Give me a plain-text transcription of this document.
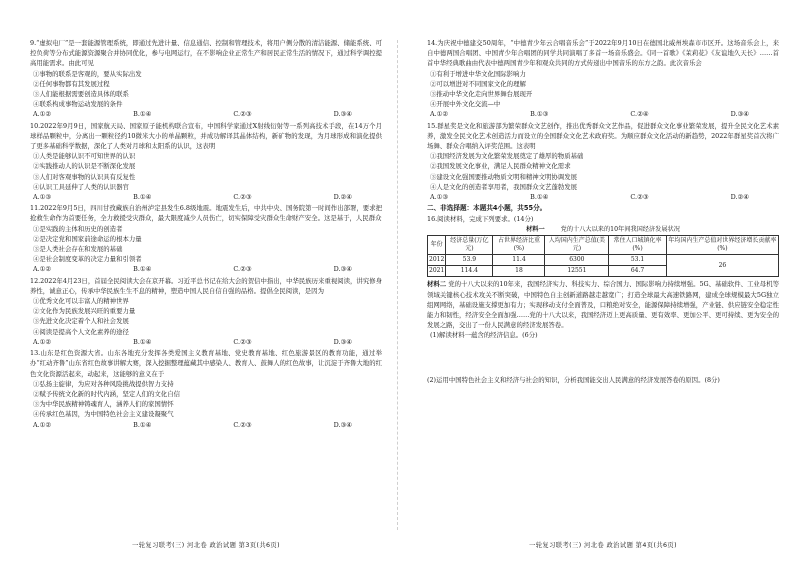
9.“虚拟电厂”是一套能源管理系统，即通过先进计量、信息通信、控制和管理技术，将用户侧分散的清洁能源、储能系统、可控负荷等分布式能源资源聚合并协同优化，参与电网运行，在不影响企业正常生产和居民正常生活的情况下，通过科学调控提高用能需求。由此可见

①事物的联系是客观的，要从实际出发

②任何事物都有其发展过程

③人们能根据需要创造具体的联系

④联系构成事物运动发展的条件

A.①②	B.①④	C.②③	D.③④

10.2022年9月9日，国家航天局、国家原子能机构联合宣布，中国科学家通过X射线衍射等一系列高技术手段，在14万个月球样品颗粒中，分离出一颗粒径约10微米大小的单晶颗粒，并成功解译其晶体结构，新矿物的发现，为月球形成和演化提供了更多基础科学数据，深化了人类对月球和太阳系的认识，这表明

①人类是能够认识不可知世界的认识

②实践推动人的认识是不断深化发展

③人们对客观事物的认识具有反复性

④认识工具延伸了人类的认识器官

A.①③	B.①④	C.②③	D.②④

11.2022年9月5日，四川甘孜藏族自治州泸定县发生6.8级地震。地震发生后，中共中央、国务院第一时间作出部署，要求把抢救生命作为首要任务，全力救援受灾群众，最大限度减少人员伤亡，切实保障受灾群众生命财产安全。这是基于，人民群众

①是实践的主体和历史的创造者

②是决定党和国家前途命运的根本力量

③是人类社会存在和发展的基础

④是社会制度变革的决定力量和引领者

A.①②	B.①④	C.②③	D.③④

12.2022年4月23日，首届全民阅读大会在京开幕。习近平总书记在给大会的贺信中指出，中华民族历来重视阅读，讲究修身养性，诚意正心，传承中华民族生生不息的精神，塑造中国人民自信自强的品格。提倡全民阅读，是因为

①优秀文化可以丰富人的精神世界

②文化作为民族发展兴旺的重要力量

③先进文化决定着个人和社会发展

④阅读是提高个人文化素养的途径

A.①②	B.①④	C.②③	D.③④

13.山东是红色资源大省。山东各地充分发挥各类爱国主义教育基地、党史教育基地、红色旅游景区的教育功能，通过举办“红动齐鲁”山东省红色故事讲解大赛，深入挖掘整理蕴藏其中感染人、教育人、鼓舞人的红色故事，让沉淀于齐鲁大地的红色文化资源活起来，动起来，这能够的意义在于

①弘扬主旋律，为应对各种风险挑战提供智力支持

②赋予传统文化新的时代内涵，坚定人们的文化自信

③为中华民族精神铸魂育人，涵养人们的家国情怀

④传承红色基因，为中国特色社会主义建设凝聚气

A.①②	B.①④	C.②③	D.③④

14.为庆祝中德建交50周年，“中德青少年云合唱音乐会”于2022年9月10日在德国北威州埃森市市区开。这场音乐会上，来自中德两国合唱团、中国青少年合唱团的同学共同演唱了多首一场音乐盛会。《同一首歌》《茉莉花》《友谊地久天长》……首首中华经典歌曲由代表中德两国青少年和观众共同的方式传递出中国音乐的东方之韵。此次音乐会

①有利于增进中华文化国际影响力

②可以增进对不同国家文化的理解

③推动中华文化走向世界舞台展现开

④开展中外文化交流—中

A.①②	B.①③	C.②④	D.③④

15.群星奖是文化和旅游部为繁荣群众文艺创作，推出优秀群众文艺作品，促进群众文化事业繁荣发展，提升全民文化艺术素养，激发全民文化艺术创造活力而设立的全国群众文化艺术政府奖。为顺应群众文化活动的新趋势，2022年群星奖首次将广场舞、群众合唱纳入评奖范围。这表明

①我国经济发展为文化繁荣发展奠定了雄厚的物质基础

②我国发展文化事业，满足人民群众精神文化需求

③建设文化强国要推动物质文明和精神文明协调发展

④人是文化的创造者享用者，我国群众文艺蓬勃发展

A.①③	B.①④	C.②③	D.②④
二、非选择题：本题共4小题，共55分。

16.阅读材料，完成下列要求。(14分)

材料一	党的十八大以来的10年间我国经济发展状况
年份	经济总量(万亿元)	占世界经济比重(%)	人均国内生产总值(美元)	常住人口城镇化率(%)	年均国内生产总值对世界经济增长贡献率(%)
2012	53.9	11.4	6300	53.1	26
2021	114.4	18	12551	64.7	

材料二 党的十八大以来的10年来，我国经济实力、科技实力、综合国力、国际影响力持续增强。5G、基础软件、工业母机等领域关键核心技术攻关不断突破，中国特色自主创新道路越走越宽广；打造全球最大高速铁路网，建成全球规模最大5G独立组网网络，基础设施支撑更加有力；实现移动支付全面普及，口粮绝对安全，能源保障持续增强，产业链、供应链安全稳定性能力和韧性，经济安全全面加强……党的十八大以来，我国经济迈上更高质量、更有效率、更加公平、更可持续、更为安全的发展之路，交出了一份人民满意的经济发展答卷。

(1)解读材料一蕴含的经济信息。(6分)

(2)运用中国特色社会主义和经济与社会的知识，分析我国能交出人民满意的经济发展答卷的原因。(8分)

一轮复习联考(三) 河北卷 政治试题 第3页(共6页)	一轮复习联考(三) 河北卷 政治试题 第4页(共6页)
